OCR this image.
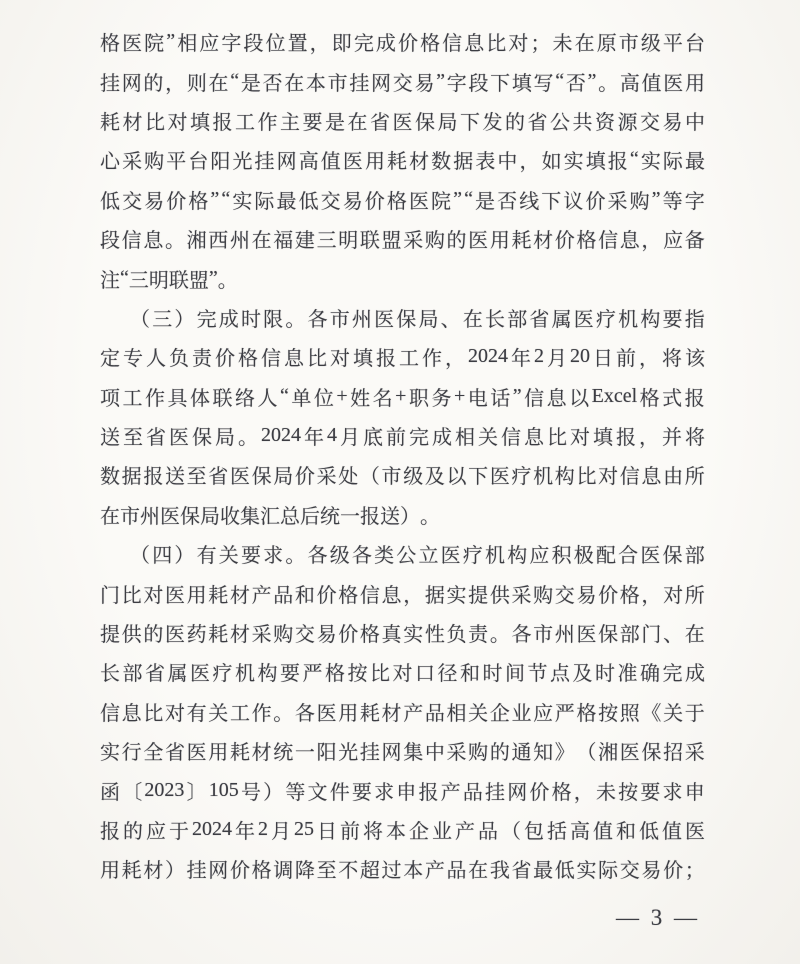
格 医 院 ” 相 应 字 段 位 置 ， 即 完 成 价 格 信 息 比 对 ； 未 在 原 市 级 平 台
挂 网 的 ， 则 在 “ 是 否 在 本 市 挂 网 交 易 ” 字 段 下 填 写 “ 否 ” 。 高 值 医 用
耗 材 比 对 填 报 工 作 主 要 是 在 省 医 保 局 下 发 的 省 公 共 资 源 交 易 中
心 采 购 平 台 阳 光 挂 网 高 值 医 用 耗 材 数 据 表 中 ， 如 实 填 报 “ 实 际 最
低 交 易 价 格 ” “ 实 际 最 低 交 易 价 格 医 院 ” “ 是 否 线 下 议 价 采 购 ” 等 字
段 信 息 。 湘 西 州 在 福 建 三 明 联 盟 采 购 的 医 用 耗 材 价 格 信 息 ， 应 备
注 “ 三 明 联 盟 ” 。
（ 三 ） 完 成 时 限 。 各 市 州 医 保 局 、 在 长 部 省 属 医 疗 机 构 要 指
定 专 人 负 责 价 格 信 息 比 对 填 报 工 作 ， 2024 年 2 月 20 日 前 ， 将 该
项 工 作 具 体 联 络 人 “ 单 位 + 姓 名 + 职 务 + 电 话 ” 信 息 以 Excel 格 式 报
送 至 省 医 保 局 。 2024 年 4 月 底 前 完 成 相 关 信 息 比 对 填 报 ， 并 将
数 据 报 送 至 省 医 保 局 价 采 处 （ 市 级 及 以 下 医 疗 机 构 比 对 信 息 由 所
在 市 州 医 保 局 收 集 汇 总 后 统 一 报 送 ） 。
（ 四 ） 有 关 要 求 。 各 级 各 类 公 立 医 疗 机 构 应 积 极 配 合 医 保 部
门 比 对 医 用 耗 材 产 品 和 价 格 信 息 ， 据 实 提 供 采 购 交 易 价 格 ， 对 所
提 供 的 医 药 耗 材 采 购 交 易 价 格 真 实 性 负 责 。 各 市 州 医 保 部 门 、 在
长 部 省 属 医 疗 机 构 要 严 格 按 比 对 口 径 和 时 间 节 点 及 时 准 确 完 成
信 息 比 对 有 关 工 作 。 各 医 用 耗 材 产 品 相 关 企 业 应 严 格 按 照 《 关 于
实 行 全 省 医 用 耗 材 统 一 阳 光 挂 网 集 中 采 购 的 通 知 》 （ 湘 医 保 招 采
函 〔 2023 〕 105 号 ） 等 文 件 要 求 申 报 产 品 挂 网 价 格 ， 未 按 要 求 申
报 的 应 于 2024 年 2 月 25 日 前 将 本 企 业 产 品 （ 包 括 高 值 和 低 值 医
用 耗 材 ） 挂 网 价 格 调 降 至 不 超 过 本 产 品 在 我 省 最 低 实 际 交 易 价 ；
— 3 —
